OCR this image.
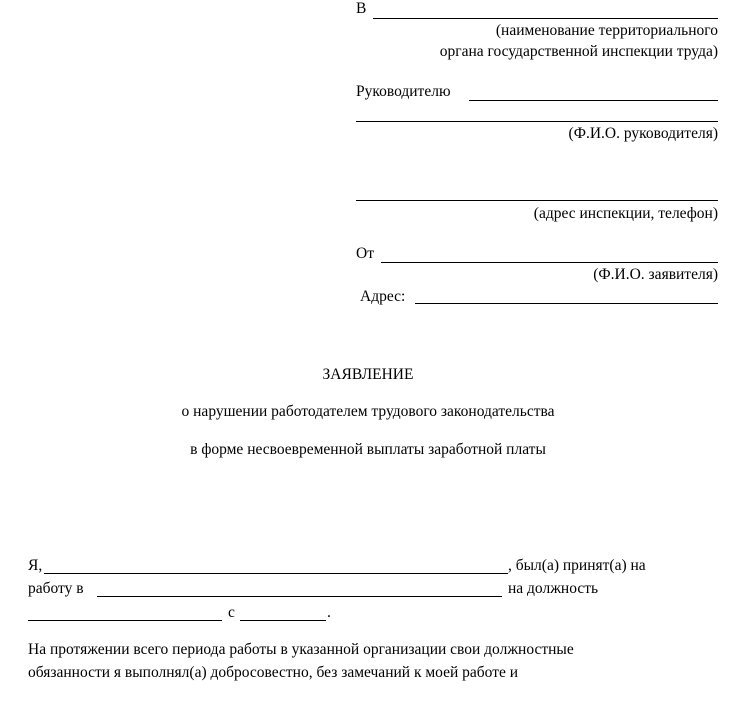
В
(наименование территориального
органа государственной инспекции труда)
Руководителю
(Ф.И.О. руководителя)
(адрес инспекции, телефон)
От
(Ф.И.О. заявителя)
Адрес:
ЗАЯВЛЕНИЕ
о нарушении работодателем трудового законодательства
в форме несвоевременной выплаты заработной платы
Я,	, был(а) принят(а) на
работу в	на должность
с	.
На протяжении всего периода работы в указанной организации свои должностные
обязанности я выполнял(а) добросовестно, без замечаний к моей работе и
